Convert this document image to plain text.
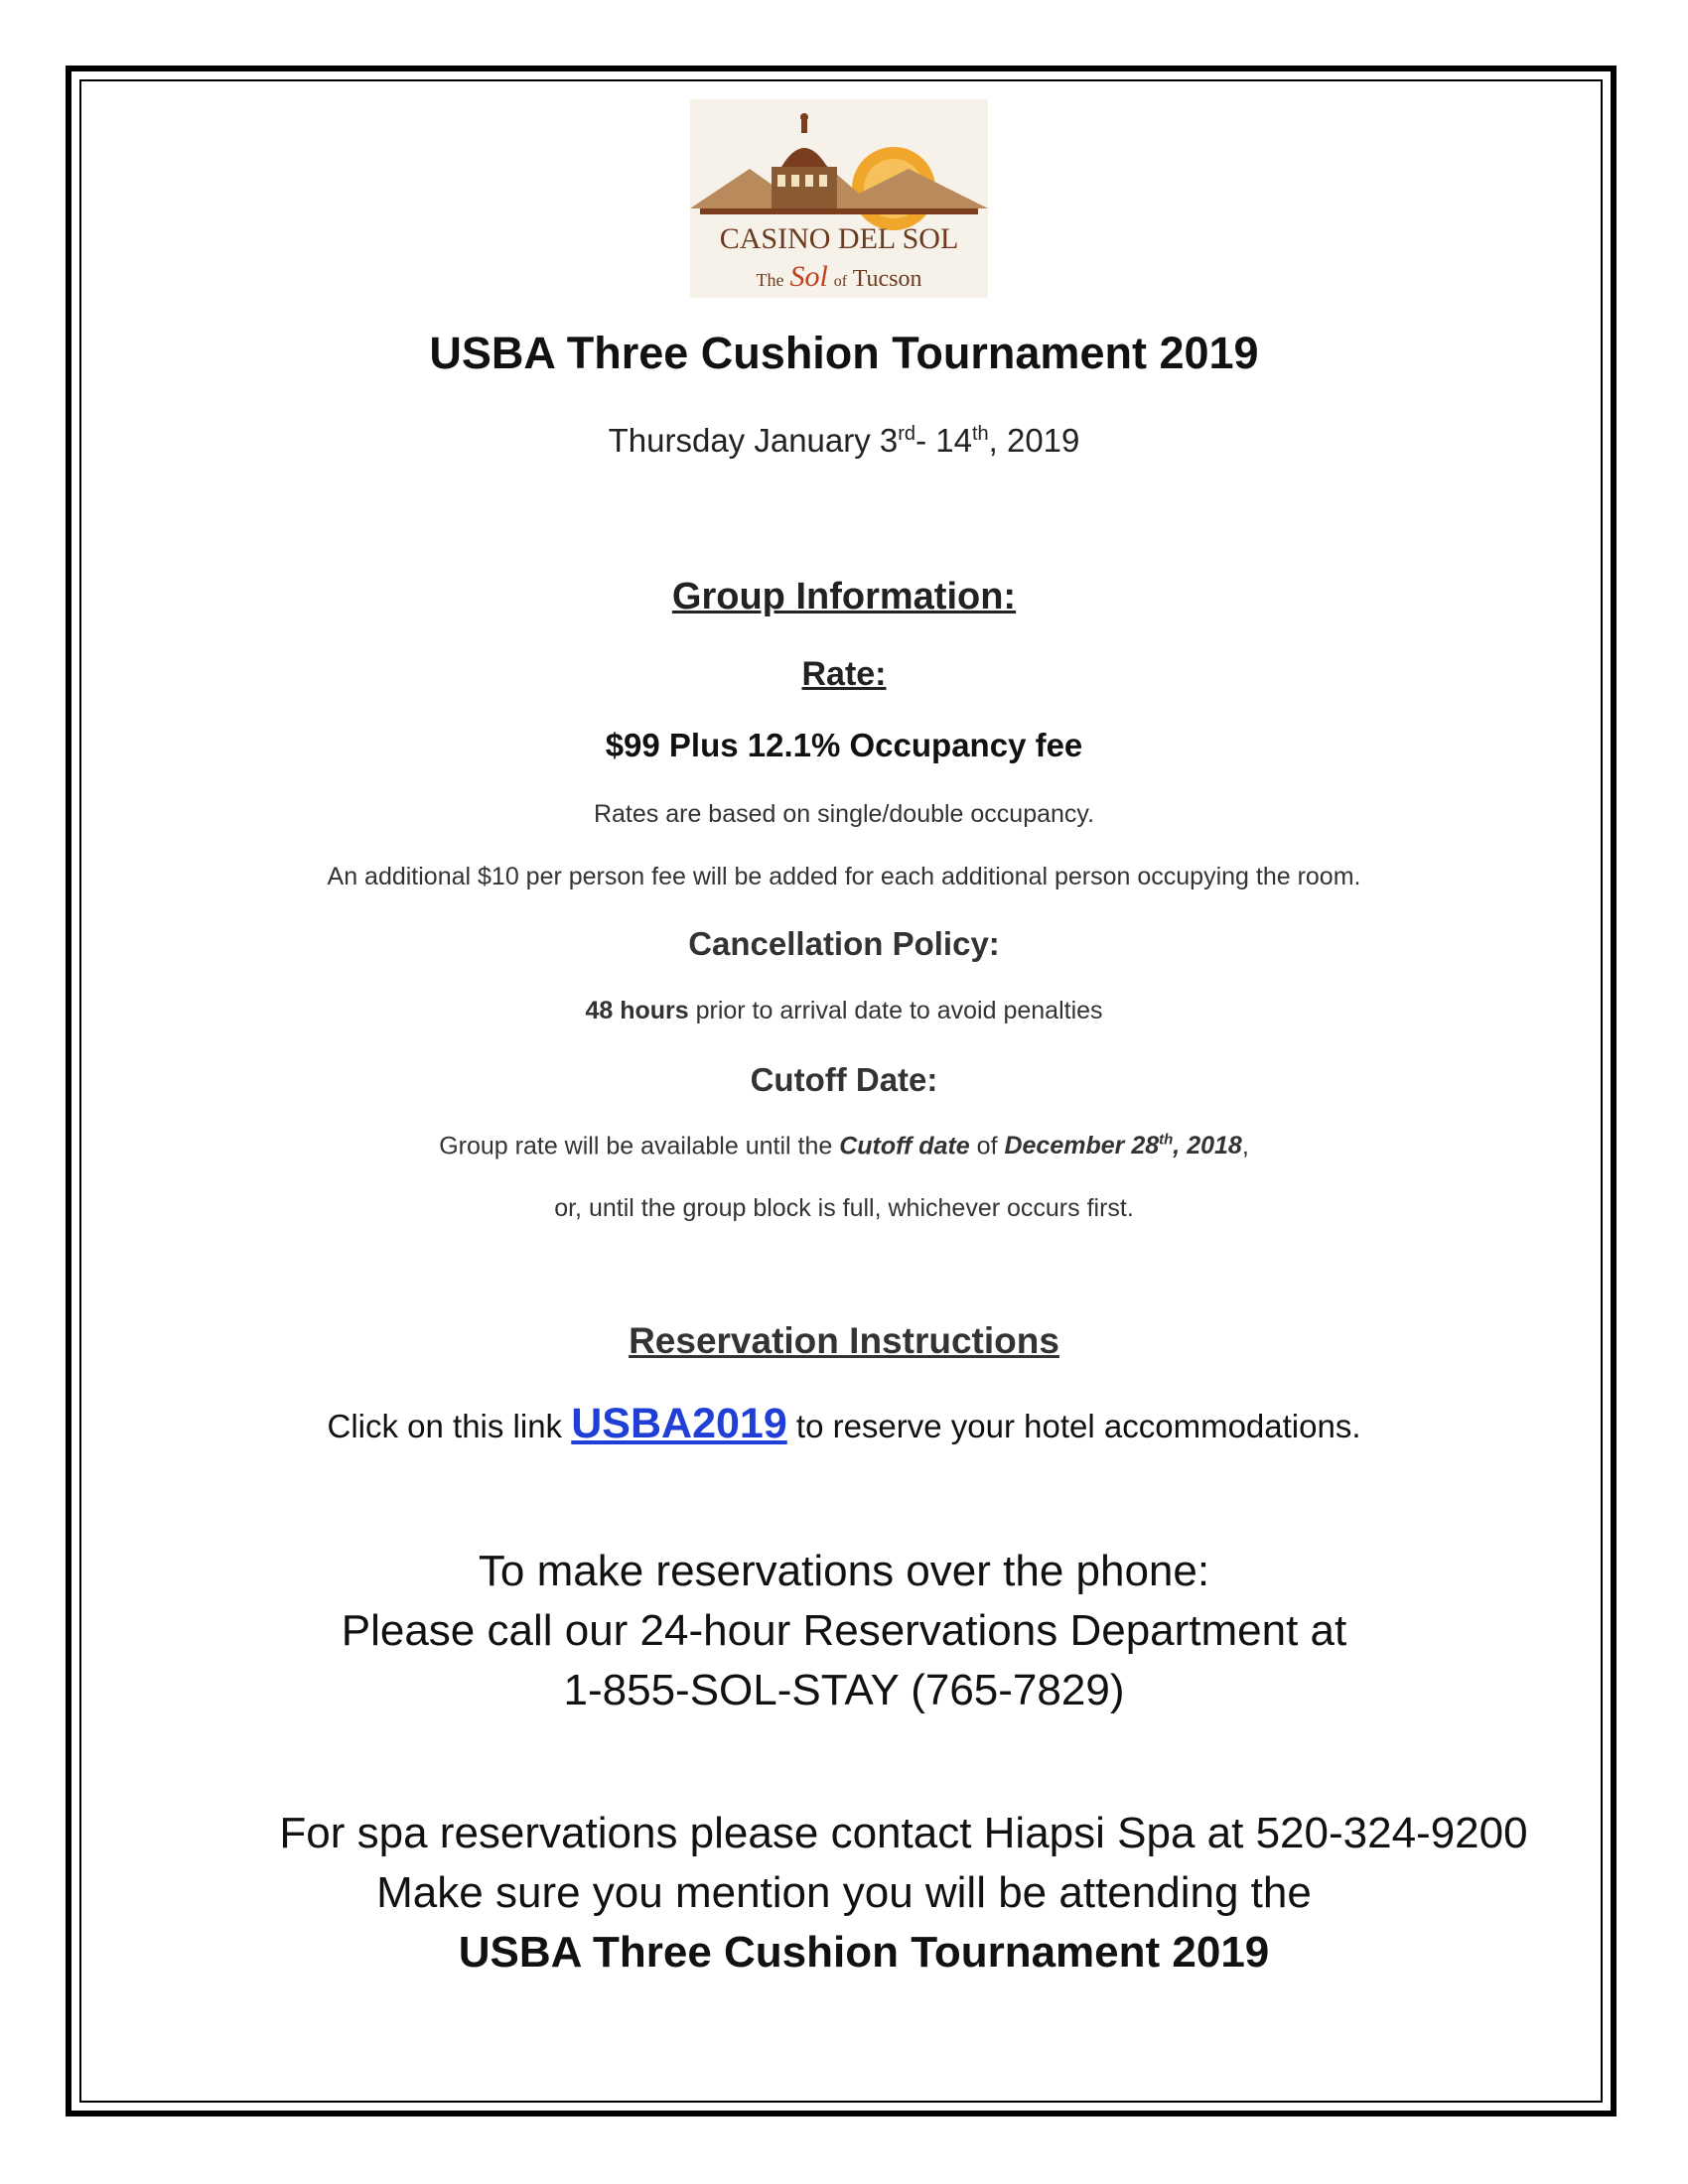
CASINO DEL SOL
The Sol of Tucson
USBA Three Cushion Tournament 2019
Thursday January 3rd- 14th, 2019
Group Information:
Rate:
$99 Plus 12.1% Occupancy fee
Rates are based on single/double occupancy.
An additional $10 per person fee will be added for each additional person occupying the room.
Cancellation Policy:
48 hours prior to arrival date to avoid penalties
Cutoff Date:
Group rate will be available until the Cutoff date of December 28th, 2018,
or, until the group block is full, whichever occurs first.
Reservation Instructions
Click on this link USBA2019 to reserve your hotel accommodations.
To make reservations over the phone:
Please call our 24-hour Reservations Department at
1-855-SOL-STAY (765-7829)
For spa reservations please contact Hiapsi Spa at 520-324-9200
Make sure you mention you will be attending the
USBA Three Cushion Tournament 2019
